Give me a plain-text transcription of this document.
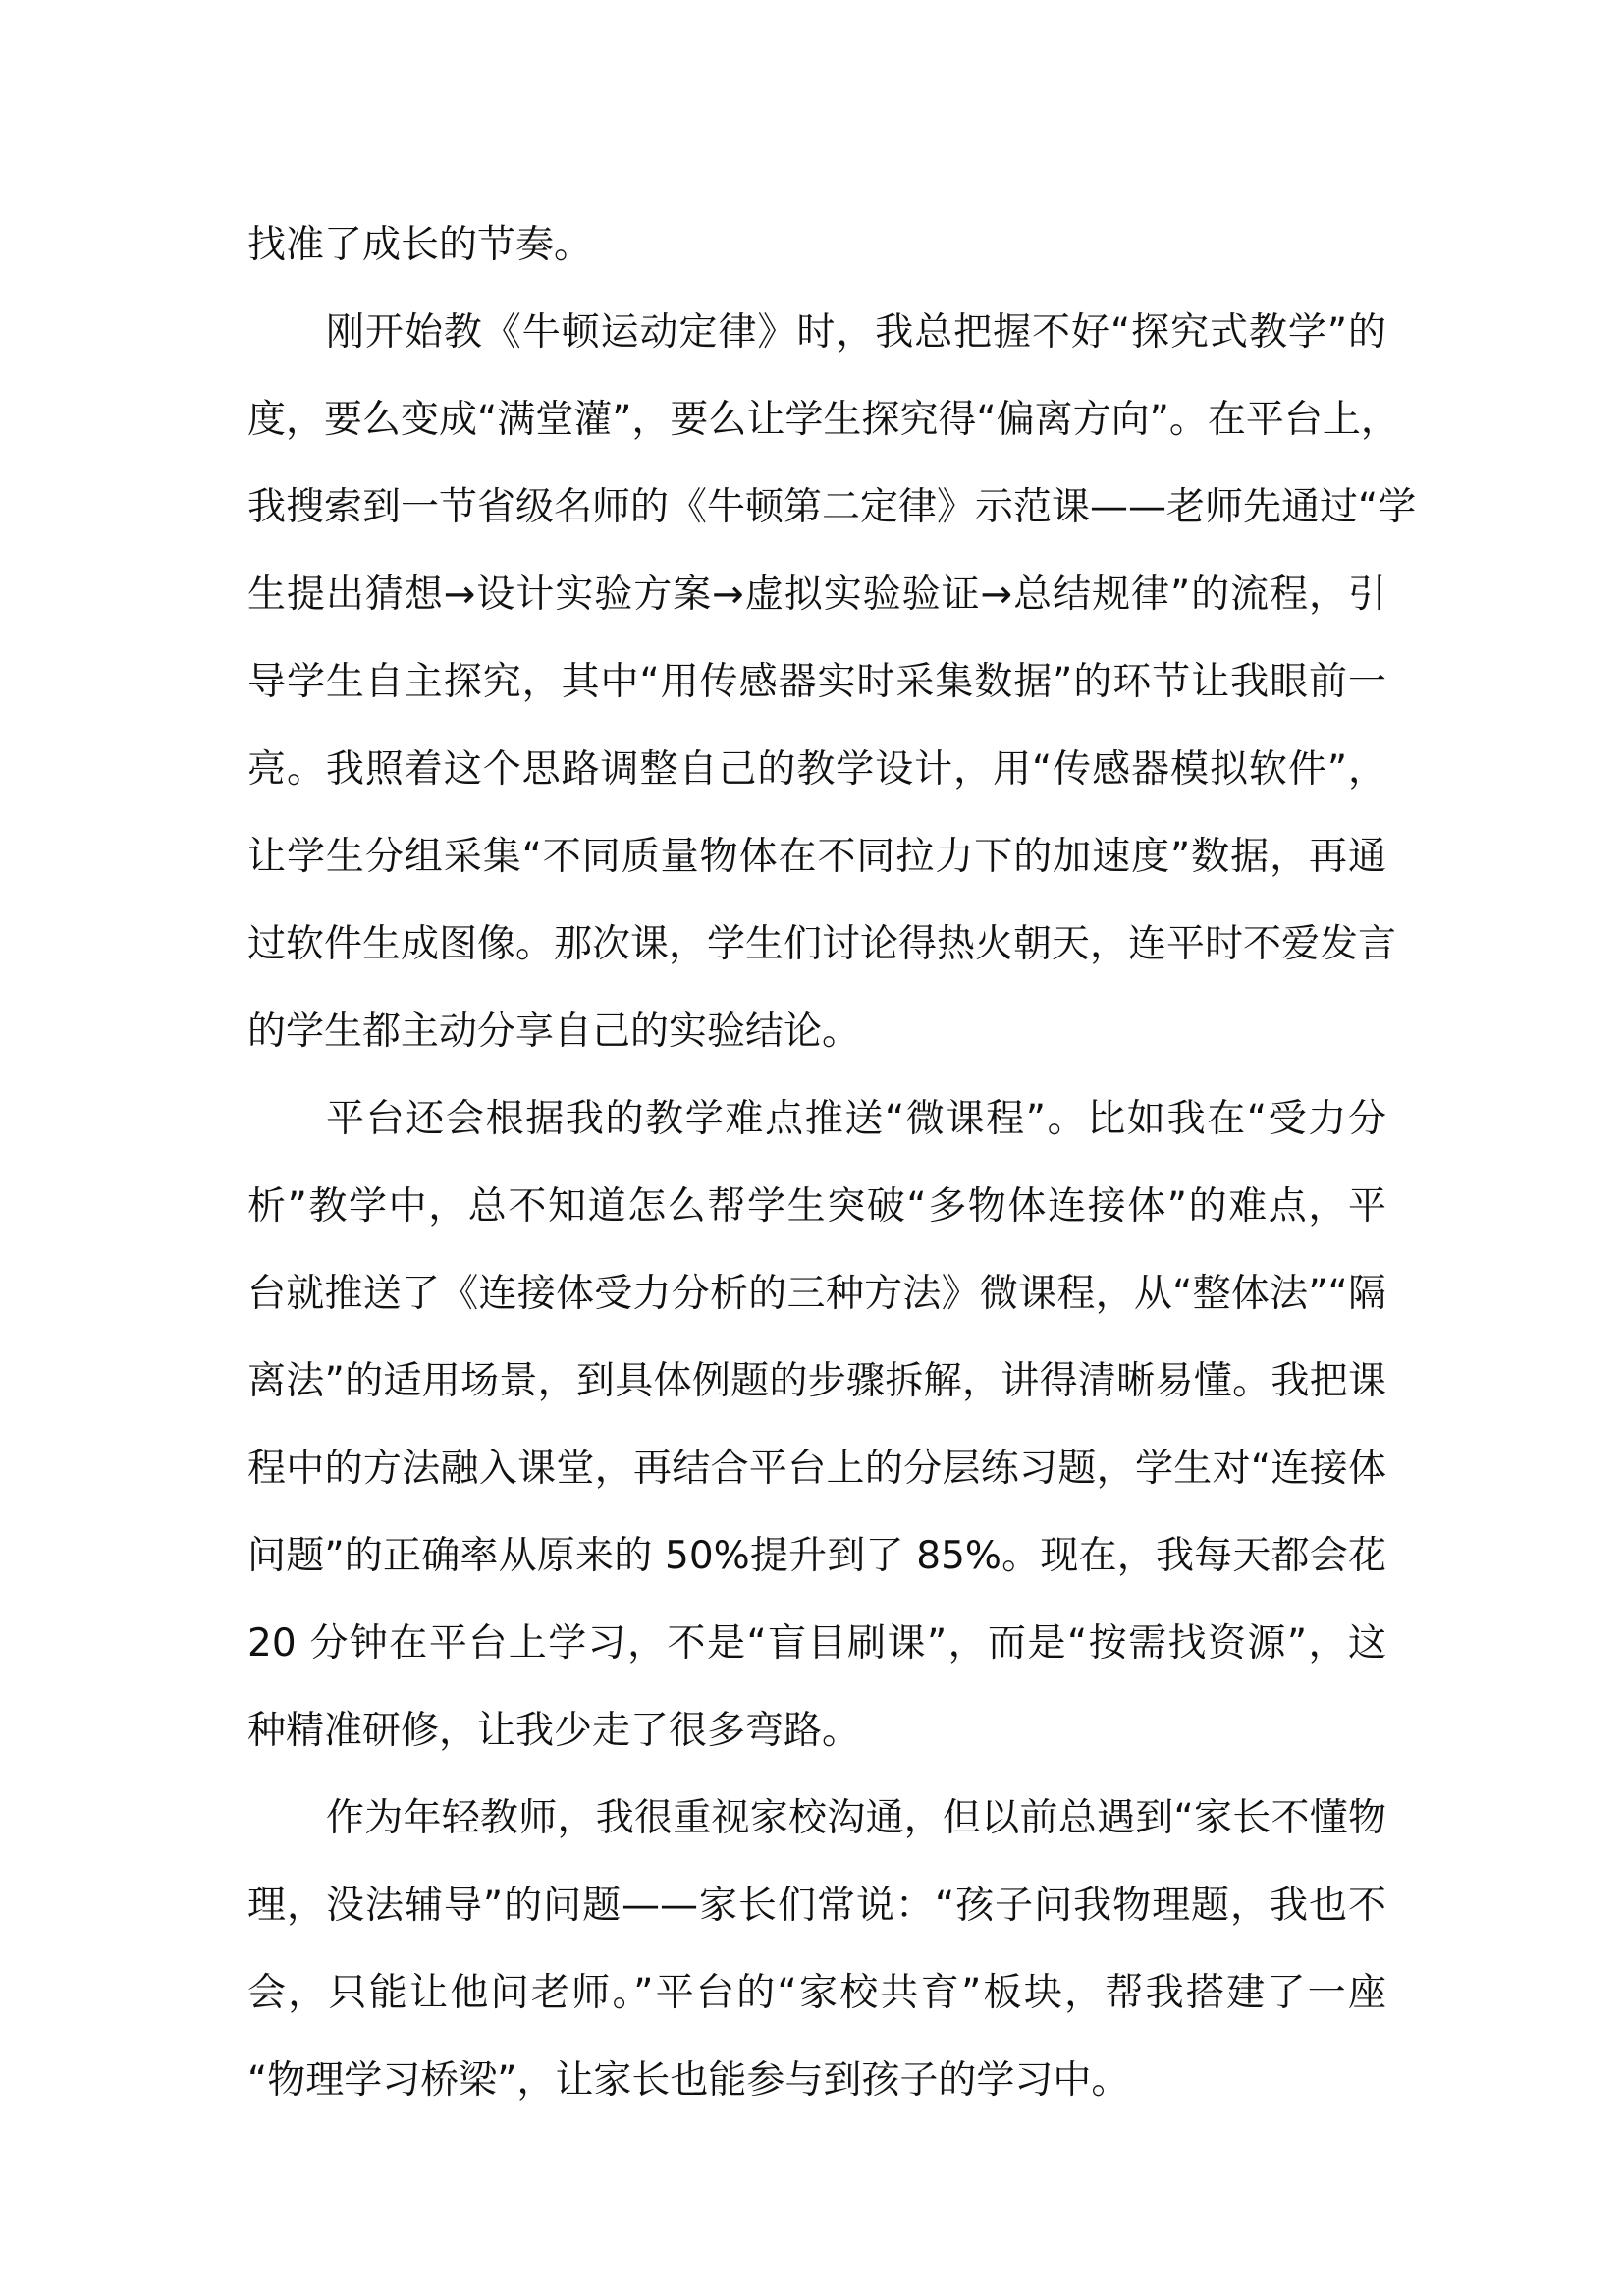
找准了成长的节奏。
刚开始教《牛顿运动定律》时，我总把握不好“探究式教学”的
度，要么变成“满堂灌”，要么让学生探究得“偏离方向”。在平台上，
我搜索到一节省级名师的《牛顿第二定律》示范课——老师先通过“学
生提出猜想→设计实验方案→虚拟实验验证→总结规律”的流程，引
导学生自主探究，其中“用传感器实时采集数据”的环节让我眼前一
亮。我照着这个思路调整自己的教学设计，用“传感器模拟软件”，
让学生分组采集“不同质量物体在不同拉力下的加速度”数据，再通
过软件生成图像。那次课，学生们讨论得热火朝天，连平时不爱发言
的学生都主动分享自己的实验结论。
平台还会根据我的教学难点推送“微课程”。比如我在“受力分
析”教学中，总不知道怎么帮学生突破“多物体连接体”的难点，平
台就推送了《连接体受力分析的三种方法》微课程，从“整体法”“隔
离法”的适用场景，到具体例题的步骤拆解，讲得清晰易懂。我把课
程中的方法融入课堂，再结合平台上的分层练习题，学生对“连接体
问题”的正确率从原来的 50%提升到了 85%。现在，我每天都会花
20 分钟在平台上学习，不是“盲目刷课”，而是“按需找资源”，这
种精准研修，让我少走了很多弯路。
作为年轻教师，我很重视家校沟通，但以前总遇到“家长不懂物
理，没法辅导”的问题——家长们常说：“孩子问我物理题，我也不
会，只能让他问老师。”平台的“家校共育”板块，帮我搭建了一座
“物理学习桥梁”，让家长也能参与到孩子的学习中。
